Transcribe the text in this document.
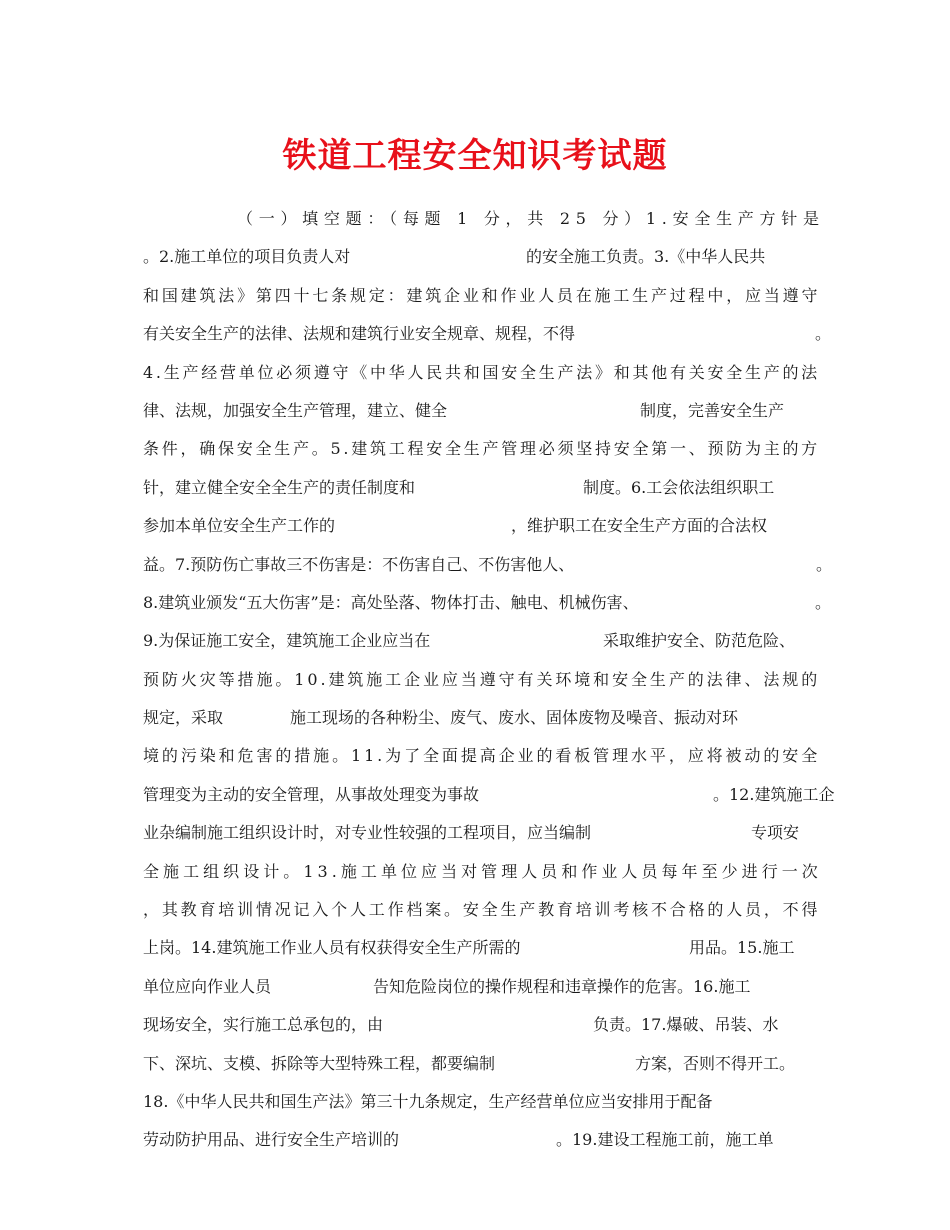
铁道工程安全知识考试题
（一）填空题：（每题 1 分，共 25 分）1.安全生产方针是
。2.施工单位的项目负责人对	的安全施工负责。3.《中华人民共
和国建筑法》第四十七条规定：建筑企业和作业人员在施工生产过程中，应当遵守
有关安全生产的法律、法规和建筑行业安全规章、规程，不得	。
4.生产经营单位必须遵守《中华人民共和国安全生产法》和其他有关安全生产的法
律、法规，加强安全生产管理，建立、健全	制度，完善安全生产
条件，确保安全生产。5.建筑工程安全生产管理必须坚持安全第一、预防为主的方
针，建立健全安全全生产的责任制度和	制度。6.工会依法组织职工
参加本单位安全生产工作的	，维护职工在安全生产方面的合法权
益。7.预防伤亡事故三不伤害是：不伤害自己、不伤害他人、	。
8.建筑业颁发“五大伤害”是：高处坠落、物体打击、触电、机械伤害、	。
9.为保证施工安全，建筑施工企业应当在	采取维护安全、防范危险、
预防火灾等措施。10.建筑施工企业应当遵守有关环境和安全生产的法律、法规的
规定，采取	施工现场的各种粉尘、废气、废水、固体废物及噪音、振动对环
境的污染和危害的措施。11.为了全面提高企业的看板管理水平，应将被动的安全
管理变为主动的安全管理，从事故处理变为事故	。12.建筑施工企
业杂编制施工组织设计时，对专业性较强的工程项目，应当编制	专项安
全施工组织设计。13.施工单位应当对管理人员和作业人员每年至少进行一次
，其教育培训情况记入个人工作档案。安全生产教育培训考核不合格的人员，不得
上岗。14.建筑施工作业人员有权获得安全生产所需的	用品。15.施工
单位应向作业人员	告知危险岗位的操作规程和违章操作的危害。16.施工
现场安全，实行施工总承包的，由	负责。17.爆破、吊装、水
下、深坑、支模、拆除等大型特殊工程，都要编制	方案，否则不得开工。
18.《中华人民共和国生产法》第三十九条规定，生产经营单位应当安排用于配备
劳动防护用品、进行安全生产培训的	。19.建设工程施工前，施工单
